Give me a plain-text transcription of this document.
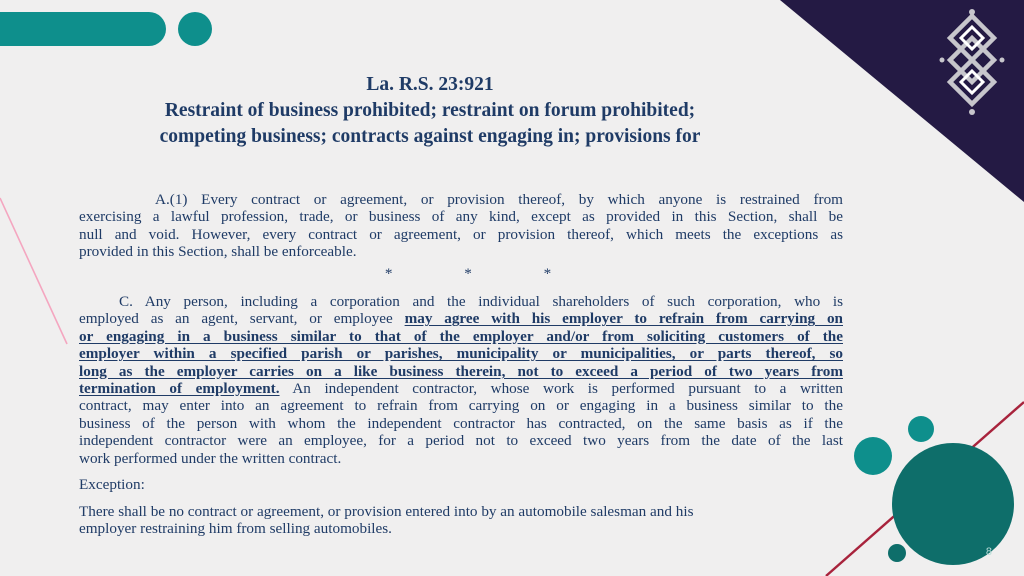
La. R.S. 23:921
Restraint of business prohibited; restraint on forum prohibited;
competing business; contracts against engaging in; provisions for
A.(1) Every contract or agreement, or provision thereof, by which anyone is restrained from
exercising a lawful profession, trade, or business of any kind, except as provided in this Section, shall be
null and void. However, every contract or agreement, or provision thereof, which meets the exceptions as
provided in this Section, shall be enforceable.
* * *
C. Any person, including a corporation and the individual shareholders of such corporation, who is
employed as an agent, servant, or employee may agree with his employer to refrain from carrying on
or engaging in a business similar to that of the employer and/or from soliciting customers of the
employer within a specified parish or parishes, municipality or municipalities, or parts thereof, so
long as the employer carries on a like business therein, not to exceed a period of two years from
termination of employment. An independent contractor, whose work is performed pursuant to a written
contract, may enter into an agreement to refrain from carrying on or engaging in a business similar to the
business of the person with whom the independent contractor has contracted, on the same basis as if the
independent contractor were an employee, for a period not to exceed two years from the date of the last
work performed under the written contract.
Exception:
There shall be no contract or agreement, or provision entered into by an automobile salesman and his
employer restraining him from selling automobiles.
8
